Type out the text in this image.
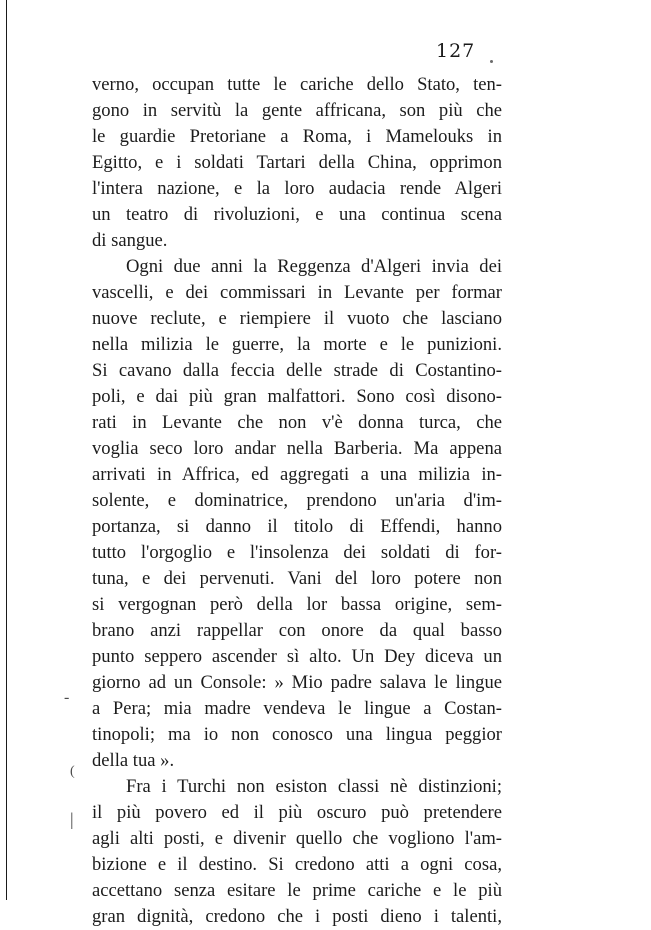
127
-
(
|
verno, occupan tutte le cariche dello Stato, ten-
gono in servitù la gente affricana, son più che
le guardie Pretoriane a Roma, i Mamelouks in
Egitto, e i soldati Tartari della China, opprimon
l'intera nazione, e la loro audacia rende Algeri
un teatro di rivoluzioni, e una continua scena
di sangue.
Ogni due anni la Reggenza d'Algeri invia dei
vascelli, e dei commissari in Levante per formar
nuove reclute, e riempiere il vuoto che lasciano
nella milizia le guerre, la morte e le punizioni.
Si cavano dalla feccia delle strade di Costantino-
poli, e dai più gran malfattori. Sono così disono-
rati in Levante che non v'è donna turca, che
voglia seco loro andar nella Barberia. Ma appena
arrivati in Affrica, ed aggregati a una milizia in-
solente, e dominatrice, prendono un'aria d'im-
portanza, si danno il titolo di Effendi, hanno
tutto l'orgoglio e l'insolenza dei soldati di for-
tuna, e dei pervenuti. Vani del loro potere non
si vergognan però della lor bassa origine, sem-
brano anzi rappellar con onore da qual basso
punto seppero ascender sì alto. Un Dey diceva un
giorno ad un Console: » Mio padre salava le lingue
a Pera; mia madre vendeva le lingue a Costan-
tinopoli; ma io non conosco una lingua peggior
della tua ».
Fra i Turchi non esiston classi nè distinzioni;
il più povero ed il più oscuro può pretendere
agli alti posti, e divenir quello che vogliono l'am-
bizione e il destino. Si credono atti a ogni cosa,
accettano senza esitare le prime cariche e le più
gran dignità, credono che i posti dieno i talenti,
